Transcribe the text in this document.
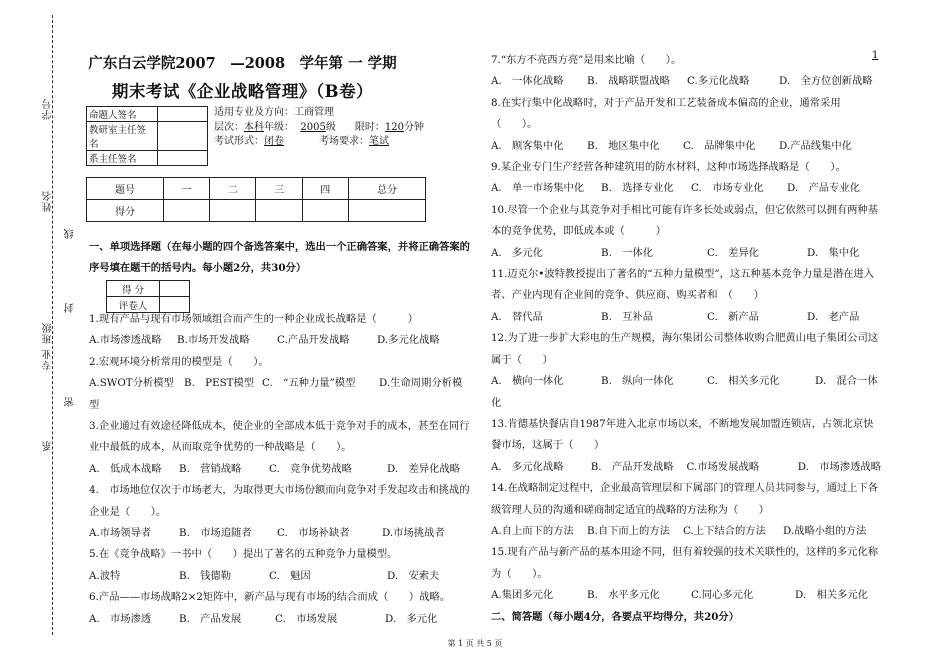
学号
姓名
线
封
专业 班级
密
系
1
广东白云学院2007　—2008　学年第 一 学期
期末考试《企业战略管理》（B卷）
命题人签名	
教研室主任签名	
系主任签名	
适用专业及方向：工商管理
层次：本科年级： 2005级 限时：120分钟
考试形式：闭卷	考场要求：笔试
题号	一	二	三	四	总分
得分					

一、单项选择题（在每小题的四个备选答案中，选出一个正确答案，并将正确答案的

序号填在题干的括号内。每小题2分，共30分）

得 分	
评卷人	

1.现有产品与现有市场领域组合而产生的一种企业成长战略是（　　　）

A.市场渗透战略	B.市场开发战略	C.产品开发战略	D.多元化战略

2.宏观环境分析常用的模型是（　　）。

A.SWOT分析模型 B.　PEST模型 C.　“五种力量”模型	D.生命周期分析模

型

3.企业通过有效途径降低成本，使企业的全部成本低于竞争对手的成本，甚至在同行业中最低的成本，从而取竞争优势的一种战略是（　　）。

A.　低成本战略	B.　营销战略	C.　竞争优势战略	D.　差异化战略

4.　市场地位仅次于市场老大，为取得更大市场份额而向竞争对手发起攻击和挑战的企业是（　　）。

A.市场领导者	B.　市场追随者	C.　市场补缺者	D.市场挑战者

5.在《竞争战略》一书中（　　）提出了著名的五种竞争力量模型。

A.波特	B.　钱德勒	C.　魁因	D.　安索夫

6.产品——市场战略2×2矩阵中，新产品与现有市场的结合而成（　　）战略。

A.　市场渗透	B.　产品发展	C.　市场发展	D.　多元化

7.“东方不亮西方亮”是用来比喻（　　）。

A.　一体化战略	B.　战略联盟战略	C.多元化战略	D.　全方位创新战略

8.在实行集中化战略时，对于产品开发和工艺装备成本偏高的企业，通常采用（　　）。

A.　顾客集中化	B.　地区集中化	C.　品牌集中化	D.产品线集中化

9.某企业专门生产经营各种建筑用的防水材料，这种市场选择战略是（　　）。

A.　单一市场集中化	B.　选择专业化	C.　市场专业化	D.　产品专业化

10.尽管一个企业与其竞争对手相比可能有许多长处或弱点，但它依然可以拥有两种基本的竞争优势，即低成本或（　　　）

A.　多元化	B.　一体化	C.　差异化	D.　集中化

11.迈克尔•波特教授提出了著名的“五种力量模型”，这五种基本竞争力量是潜在进入者、产业内现有企业间的竞争、供应商、购买者和　（　　）

A.　替代品	B.　互补品	C.　新产品	D.　老产品

12.为了进一步扩大彩电的生产规模，海尔集团公司整体收购合肥黄山电子集团公司这属于（　　）

A.　横向一体化	B.　纵向一体化	C.　相关多元化	D.　混合一体

化

13.肯德基快餐店自1987年进入北京市场以来，不断地发展加盟连锁店，占领北京快餐市场，这属于（　　）

A.　多元化战略	B.　产品开发战略	C.市场发展战略	D.　市场渗透战略

14.在战略制定过程中，企业最高管理层和下属部门的管理人员共同参与，通过上下各级管理人员的沟通和磋商制定适宜的战略的方法称为（　　）

A.自上而下的方法	B.自下而上的方法	C.上下结合的方法	D.战略小组的方法

15.现有产品与新产品的基本用途不同，但有着较强的技术关联性的，这样的多元化称为（　　）。

A.集团多元化	B.　水平多元化	C.同心多元化	D.　相关多元化

二、简答题（每小题4分，各要点平均得分，共20分）

第 1 页 共 5 页
